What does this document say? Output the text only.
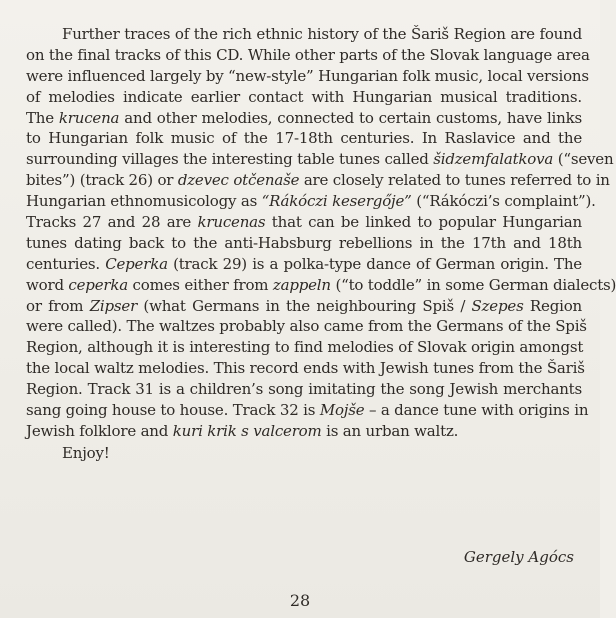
Further traces of the rich ethnic history of the Šariš Region are found
on the final tracks of this CD. While other parts of the Slovak language area
were influenced largely by “new-style” Hungarian folk music, local versions
of melodies indicate earlier contact with Hungarian musical traditions.
The krucena and other melodies, connected to certain customs, have links
to Hungarian folk music of the 17-18th centuries. In Raslavice and the
surrounding villages the interesting table tunes called šidzemfalatkova (“seven
bites”) (track 26) or dzevec otčenaše are closely related to tunes referred to in
Hungarian ethnomusicology as “Rákóczi kesergője” (“Rákóczi’s complaint”).
Tracks 27 and 28 are krucenas that can be linked to popular Hungarian
tunes dating back to the anti-Habsburg rebellions in the 17th and 18th
centuries. Ceperka (track 29) is a polka-type dance of German origin. The
word ceperka comes either from zappeln (“to toddle” in some German dialects)
or from Zipser (what Germans in the neighbouring Spiš / Szepes Region
were called). The waltzes probably also came from the Germans of the Spiš
Region, although it is interesting to find melodies of Slovak origin amongst
the local waltz melodies. This record ends with Jewish tunes from the Šariš
Region. Track 31 is a children’s song imitating the song Jewish merchants
sang going house to house. Track 32 is Mojše – a dance tune with origins in
Jewish folklore and kuri krik s valcerom is an urban waltz.
Enjoy!
Gergely Agócs
28
